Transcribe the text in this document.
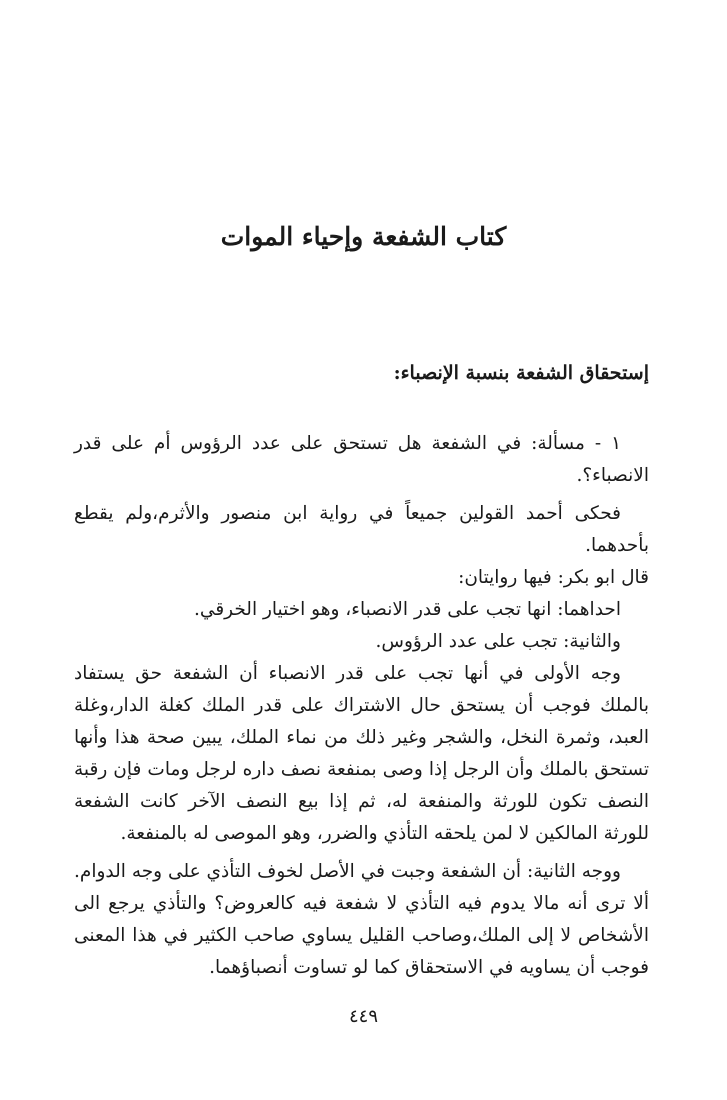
كتاب الشفعة وإحياء الموات
إستحقاق الشفعة بنسبة الإنصباء:

١ - مسألة: في الشفعة هل تستحق على عدد الرؤوس أم على قدر الانصباء؟.

فحكى أحمد القولين جميعاً في رواية ابن منصور والأثرم،ولم يقطع بأحدهما.

قال ابو بكر: فيها روايتان:

احداهما: انها تجب على قدر الانصباء، وهو اختيار الخرقي.

والثانية: تجب على عدد الرؤوس.

وجه الأولى في أنها تجب على قدر الانصباء أن الشفعة حق يستفاد بالملك فوجب أن يستحق حال الاشتراك على قدر الملك كغلة الدار،وغلة العبد، وثمرة النخل، والشجر وغير ذلك من نماء الملك، يبين صحة هذا وأنها تستحق بالملك وأن الرجل إذا وصى بمنفعة نصف داره لرجل ومات فإن رقبة النصف تكون للورثة والمنفعة له، ثم إذا بيع النصف الآخر كانت الشفعة للورثة المالكين لا لمن يلحقه التأذي والضرر، وهو الموصى له بالمنفعة.

ووجه الثانية: أن الشفعة وجبت في الأصل لخوف التأذي على وجه الدوام. ألا ترى أنه مالا يدوم فيه التأذي لا شفعة فيه كالعروض؟ والتأذي يرجع الى الأشخاص لا إلى الملك،وصاحب القليل يساوي صاحب الكثير في هذا المعنى فوجب أن يساويه في الاستحقاق كما لو تساوت أنصباؤهما.

٤٤٩
